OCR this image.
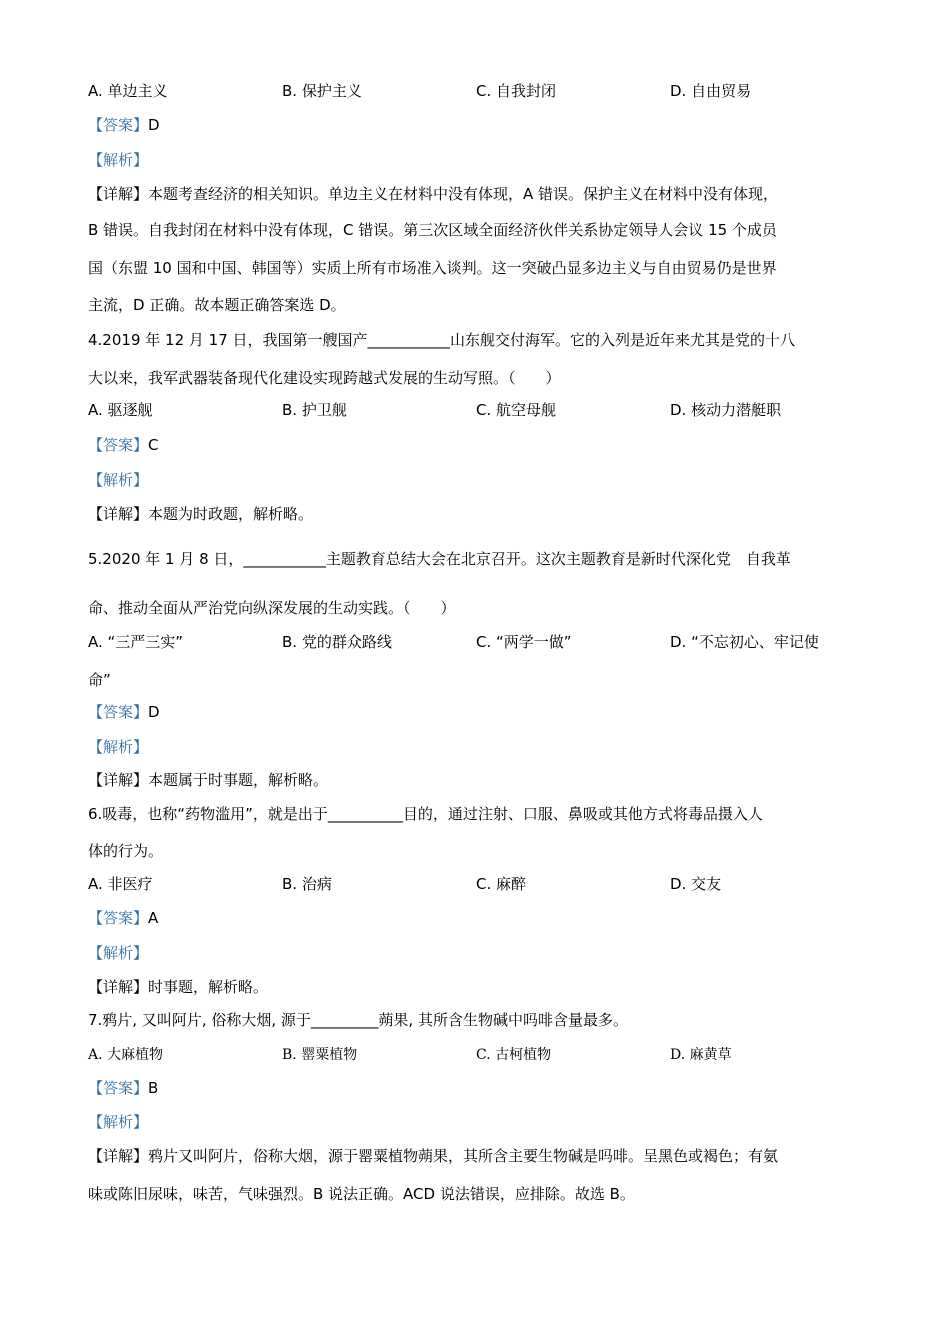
A. 单边主义	B. 保护主义	C. 自我封闭	D. 自由贸易
【答案】D
【解析】
【详解】本题考查经济的相关知识。单边主义在材料中没有体现，A 错误。保护主义在材料中没有体现，
B 错误。自我封闭在材料中没有体现，C 错误。第三次区域全面经济伙伴关系协定领导人会议 15 个成员
国（东盟 10 国和中国、韩国等）实质上所有市场准入谈判。这一突破凸显多边主义与自由贸易仍是世界
主流，D 正确。故本题正确答案选 D。
4.2019 年 12 月 17 日，我国第一艘国产___________山东舰交付海军。它的入列是近年来尤其是党的十八
大以来，我军武器装备现代化建设实现跨越式发展的生动写照。（　　）
A. 驱逐舰	B. 护卫舰	C. 航空母舰	D. 核动力潜艇职
【答案】C
【解析】
【详解】本题为时政题，解析略。
5.2020 年 1 月 8 日，___________主题教育总结大会在北京召开。这次主题教育是新时代深化党　自我革
命、推动全面从严治党向纵深发展的生动实践。（　　）
A. “三严三实”	B. 党的群众路线	C. “两学一做”	D. “不忘初心、牢记使
命”
【答案】D
【解析】
【详解】本题属于时事题，解析略。
6.吸毒，也称“药物滥用”，就是出于__________目的，通过注射、口服、鼻吸或其他方式将毒品摄入人
体的行为。
A. 非医疗	B. 治病	C. 麻醉	D. 交友
【答案】A
【解析】
【详解】时事题，解析略。
7.鸦片, 又叫阿片, 俗称大烟, 源于_________蒴果, 其所含生物碱中吗啡含量最多。
A. 大麻植物	B. 罂粟植物	C. 古柯植物	D. 麻黄草
【答案】B
【解析】
【详解】鸦片又叫阿片，俗称大烟，源于罂粟植物蒴果，其所含主要生物碱是吗啡。呈黑色或褐色；有氨
味或陈旧尿味，味苦，气味强烈。B 说法正确。ACD 说法错误，应排除。故选 B。
